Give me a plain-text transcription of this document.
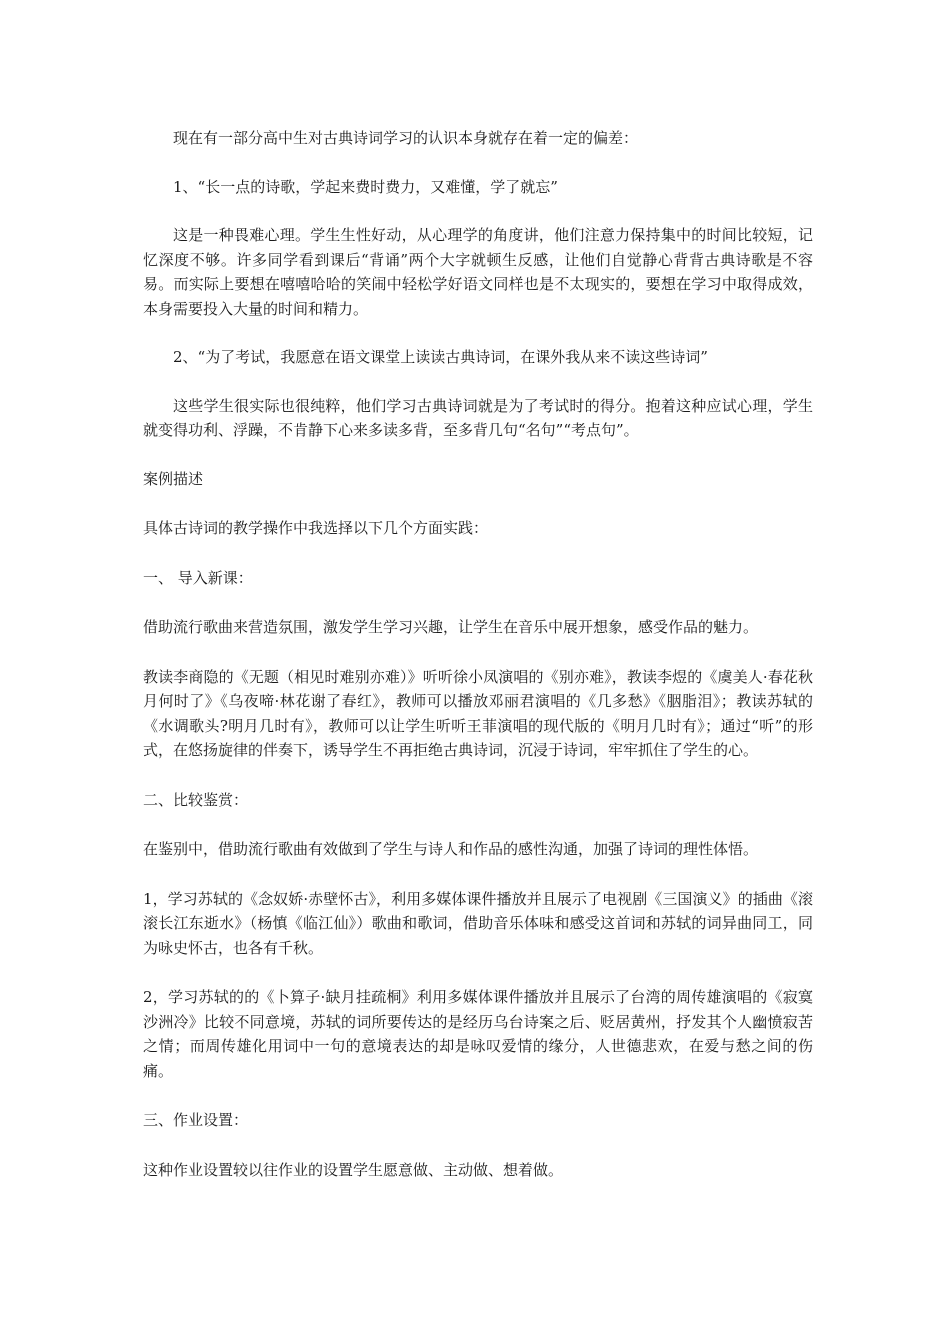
现在有一部分高中生对古典诗词学习的认识本身就存在着一定的偏差：

1、“长一点的诗歌，学起来费时费力，又难懂，学了就忘”

这是一种畏难心理。学生生性好动，从心理学的角度讲，他们注意力保持集中的时间比较短，记忆深度不够。许多同学看到课后“背诵”两个大字就顿生反感，让他们自觉静心背背古典诗歌是不容易。而实际上要想在嘻嘻哈哈的笑闹中轻松学好语文同样也是不太现实的，要想在学习中取得成效，本身需要投入大量的时间和精力。

2、“为了考试，我愿意在语文课堂上读读古典诗词，在课外我从来不读这些诗词”

这些学生很实际也很纯粹，他们学习古典诗词就是为了考试时的得分。抱着这种应试心理，学生就变得功利、浮躁，不肯静下心来多读多背，至多背几句“名句”“考点句”。

案例描述

具体古诗词的教学操作中我选择以下几个方面实践：

一、 导入新课：

借助流行歌曲来营造氛围，激发学生学习兴趣，让学生在音乐中展开想象，感受作品的魅力。

教读李商隐的《无题（相见时难别亦难）》听听徐小凤演唱的《别亦难》，教读李煜的《虞美人·春花秋月何时了》《乌夜啼·林花谢了春红》，教师可以播放邓丽君演唱的《几多愁》《胭脂泪》；教读苏轼的《水调歌头?明月几时有》，教师可以让学生听听王菲演唱的现代版的《明月几时有》；通过“听”的形式，在悠扬旋律的伴奏下，诱导学生不再拒绝古典诗词，沉浸于诗词，牢牢抓住了学生的心。

二、比较鉴赏：

在鉴别中，借助流行歌曲有效做到了学生与诗人和作品的感性沟通，加强了诗词的理性体悟。

1，学习苏轼的《念奴娇·赤壁怀古》，利用多媒体课件播放并且展示了电视剧《三国演义》的插曲《滚滚长江东逝水》（杨慎《临江仙》）歌曲和歌词，借助音乐体味和感受这首词和苏轼的词异曲同工，同为咏史怀古，也各有千秋。

2，学习苏轼的的《卜算子·缺月挂疏桐》利用多媒体课件播放并且展示了台湾的周传雄演唱的《寂寞沙洲冷》比较不同意境，苏轼的词所要传达的是经历乌台诗案之后、贬居黄州，抒发其个人幽愤寂苦之情；而周传雄化用词中一句的意境表达的却是咏叹爱情的缘分，人世德悲欢，在爱与愁之间的伤痛。

三、作业设置：

这种作业设置较以往作业的设置学生愿意做、主动做、想着做。
